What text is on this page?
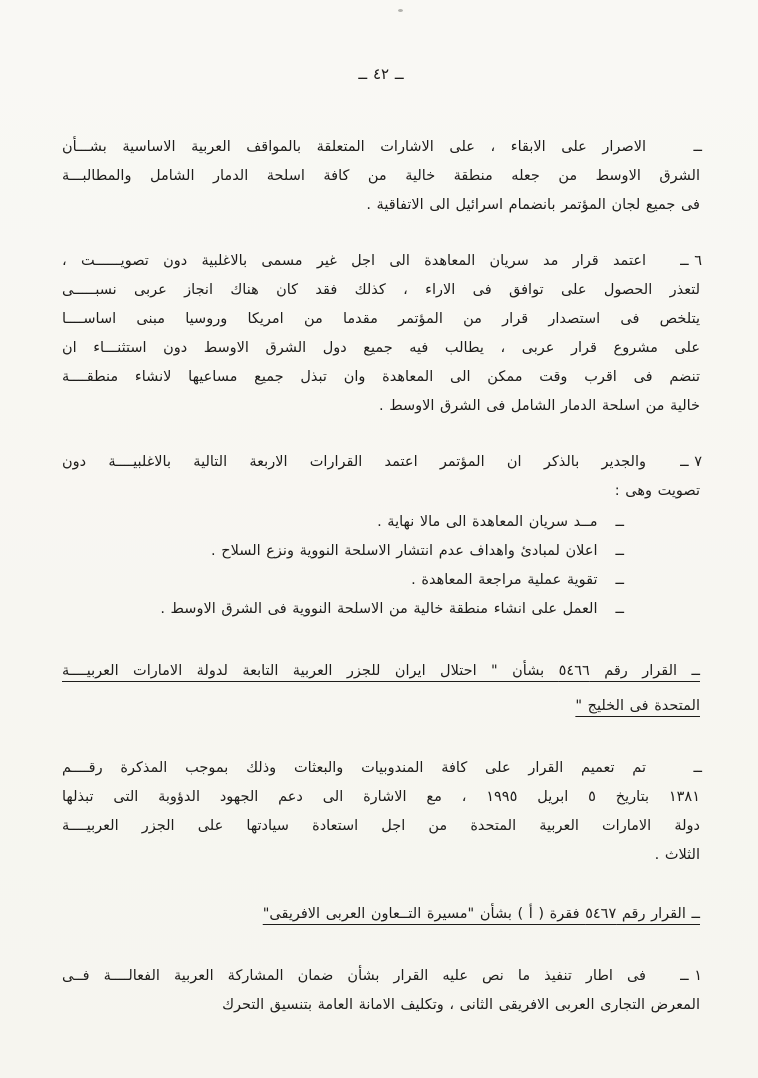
ــ ٤٢ ــ
ــ
الاصرار على الابقاء ، على الاشارات المتعلقة بالمواقف العربية الاساسية بشـــأن
الشرق الاوسط من جعله منطقة خالية من كافة اسلحة الدمار الشامل والمطالبـــة
فى جميع لجان المؤتمر بانضمام اسرائيل الى الاتفاقية .
٦ ــ
اعتمد قرار مد سريان المعاهدة الى اجل غير مسمى بالاغلبية دون تصويــــــت ،
لتعذر الحصول على توافق فى الاراء ، كذلك فقد كان هناك انجاز عربى نسبـــــى
يتلخص فى استصدار قرار من المؤتمر مقدما من امريكا وروسيا مبنى اساســــا
على مشروع قرار عربى ، يطالب فيه جميع دول الشرق الاوسط دون استثنـــاء ان
تنضم فى اقرب وقت ممكن الى المعاهدة وان تبذل جميع مساعيها لانشاء منطقــــة
خالية من اسلحة الدمار الشامل فى الشرق الاوسط .
٧ ــ
والجدير بالذكر ان المؤتمر اعتمد القرارات الاربعة التالية بالاغلبيــــة دون
تصويت وهى :
ــ
مــد سريان المعاهدة الى مالا نهاية .
ــ
اعلان لمبادئ واهداف عدم انتشار الاسلحة النووية ونزع السلاح .
ــ
تقوية عملية مراجعة المعاهدة .
ــ
العمل على انشاء منطقة خالية من الاسلحة النووية فى الشرق الاوسط .
ــ القرار رقم ٥٤٦٦ بشأن " احتلال ايران للجزر العربية التابعة لدولة الامارات العربيــــة
المتحدة فى الخليج "
ــ
تم تعميم القرار على كافة المندوبيات والبعثات وذلك بموجب المذكرة رقــــم
١٣٨١ بتاريخ ٥ ابريل ١٩٩٥ ، مع الاشارة الى دعم الجهود الدؤوبة التى تبذلها
دولة الامارات العربية المتحدة من اجل استعادة سيادتها على الجزر العربيــــة
الثلاث .
ــ القرار رقم ٥٤٦٧ فقرة ( أ ) بشأن "مسيرة التــعاون العربى الافريقى"
١ ــ
فى اطار تنفيذ ما نص عليه القرار بشأن ضمان المشاركة العربية الفعالــــة فــى
المعرض التجارى العربى الافريقى الثانى ، وتكليف الامانة العامة بتنسيق التحرك
